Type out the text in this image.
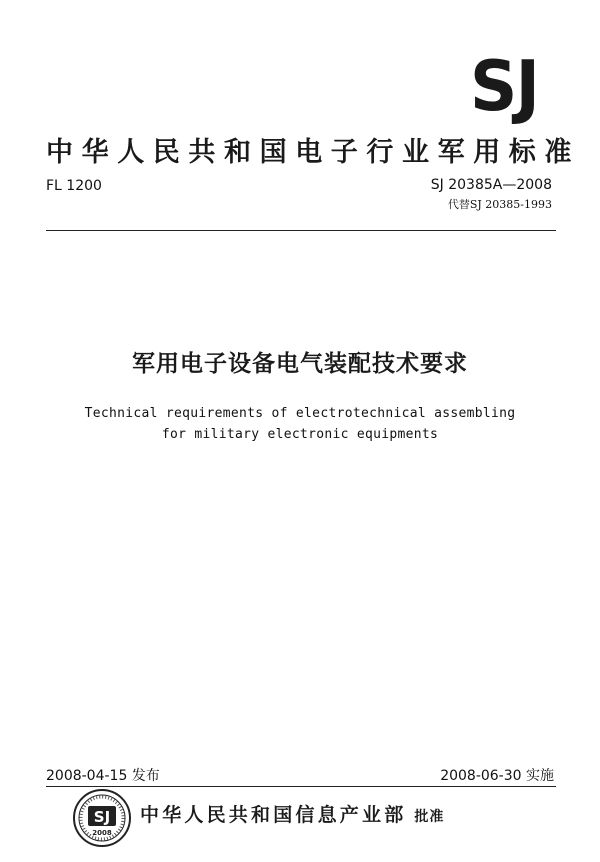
SJ
中华人民共和国电子行业军用标准
FL 1200	SJ 20385A—2008
代替SJ 20385-1993
军用电子设备电气装配技术要求
Technical requirements of electrotechnical assembling
for military electronic equipments
2008-04-15 发布	2008-06-30 实施
SJ
2008
中华人民共和国信息产业部 批准
